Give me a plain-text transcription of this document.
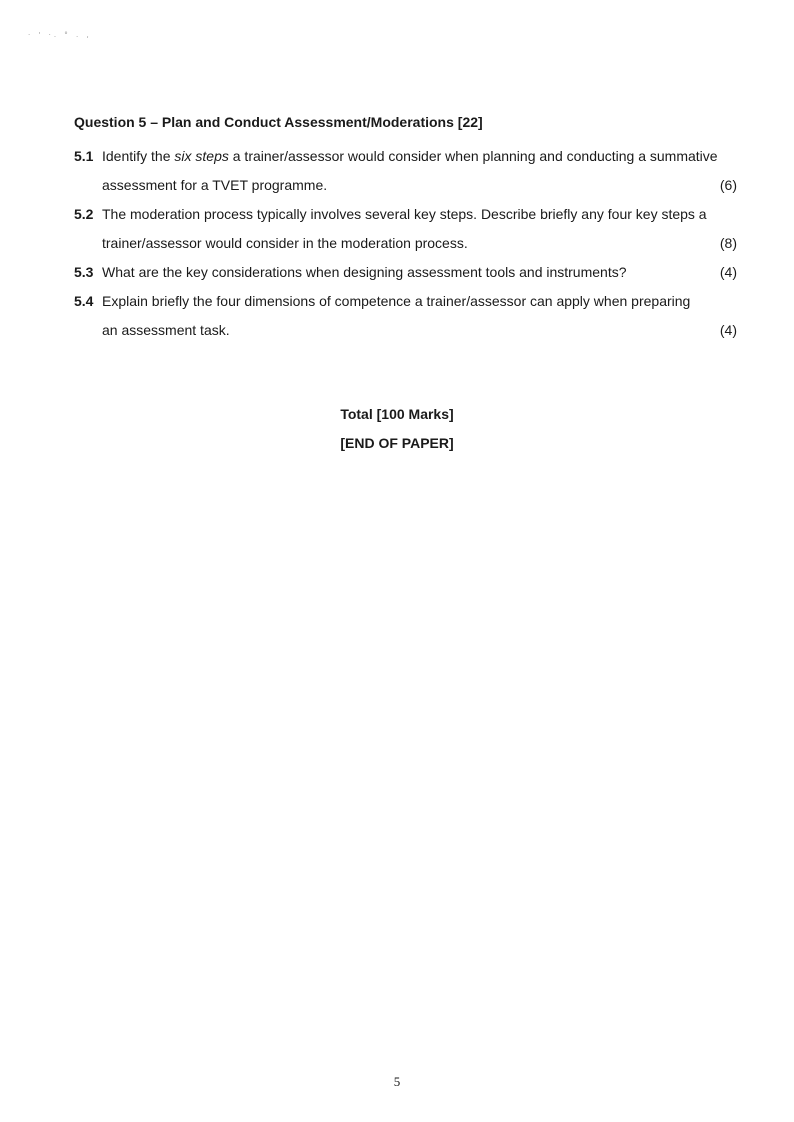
· ' ·. ° . ,
Question 5 – Plan and Conduct Assessment/Moderations [22]
5.1 Identify the six steps a trainer/assessor would consider when planning and conducting a summative
assessment for a TVET programme.	(6)
5.2 The moderation process typically involves several key steps. Describe briefly any four key steps a
trainer/assessor would consider in the moderation process.	(8)
5.3 What are the key considerations when designing assessment tools and instruments?	(4)
5.4 Explain briefly the four dimensions of competence a trainer/assessor can apply when preparing
an assessment task.	(4)
Total [100 Marks]
[END OF PAPER]
5
